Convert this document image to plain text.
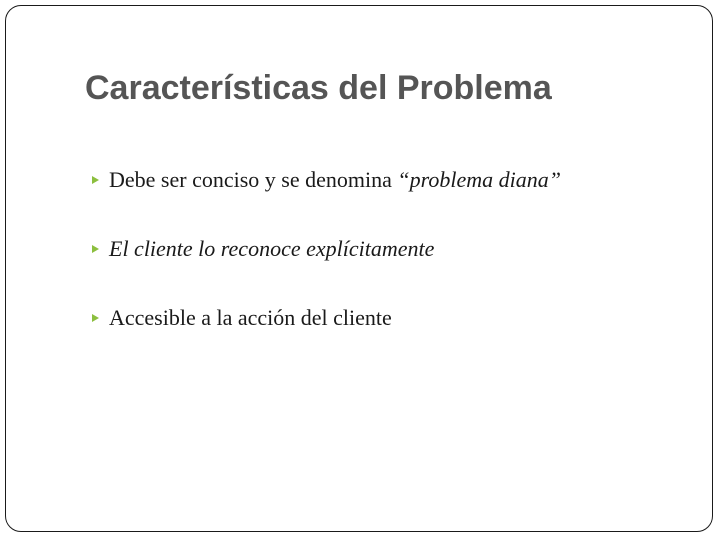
Características del Problema
Debe ser conciso y se denomina “problema diana”
El cliente lo reconoce explícitamente
Accesible a la acción del cliente
